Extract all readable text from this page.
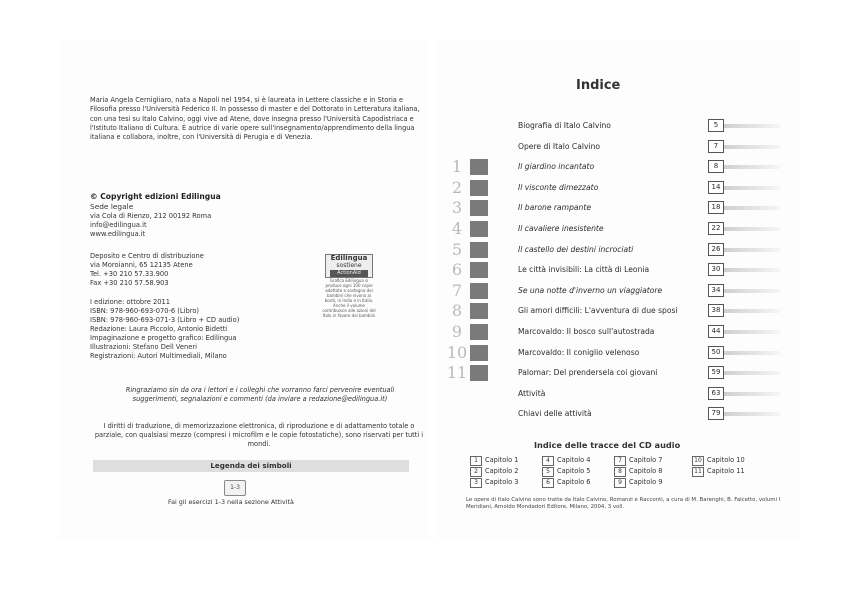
Maria Angela Cernigliaro, nata a Napoli nel 1954, si è laureata in Lettere classiche e in Storia e Filosofia presso l'Università Federico II. In possesso di master e del Dottorato in Letteratura italiana, con una tesi su Italo Calvino, oggi vive ad Atene, dove insegna presso l'Università Capodistriaca e l'Istituto Italiano di Cultura. È autrice di varie opere sull'insegnamento/apprendimento della lingua italiana e collabora, inoltre, con l'Università di Perugia e di Venezia.
© Copyright edizioni Edilingua
Sede legale
via Cola di Rienzo, 212 00192 Roma
info@edilingua.it
www.edilingua.it
Deposito e Centro di distribuzione
via Moroianni, 65 12135 Atene
Tel. +30 210 57.33.900
Fax +30 210 57.58.903
Edilingua
sostiene
ActionAid
Grafica Edilingua si produce ogni 100 copie adottate a sostegno dei bambini che vivono ai bordi, in India e in Italia. Anche il volume contribuisce alle azioni del Italo in favore dei bambini
I edizione: ottobre 2011
ISBN: 978-960-693-070-6 (Libro)
ISBN: 978-960-693-071-3 (Libro + CD audio)
Redazione: Laura Piccolo, Antonio Bidetti
Impaginazione e progetto grafico: Edilingua
Illustrazioni: Stefano Dell Veneri
Registrazioni: Autori Multimediali, Milano
Ringraziamo sin da ora i lettori e i colleghi che vorranno farci pervenire eventuali suggerimenti, segnalazioni e commenti (da inviare a redazione@edilingua.it)
I diritti di traduzione, di memorizzazione elettronica, di riproduzione e di adattamento totale o parziale, con qualsiasi mezzo (compresi i microfilm e le copie fotostatiche), sono riservati per tutti i mondi.
Legenda dei simboli
1-3
Fai gli esercizi 1-3 nella sezione Attività
Indice
Biografia di Italo Calvino	5
Opere di Italo Calvino	7
1	Il giardino incantato	8
2	Il visconte dimezzato	14
3	Il barone rampante	18
4	Il cavaliere inesistente	22
5	Il castello dei destini incrociati	26
6	Le città invisibili: La città di Leonia	30
7	Se una notte d'inverno un viaggiatore	34
8	Gli amori difficili: L'avventura di due sposi	38
9	Marcovaldo: Il bosco sull'autostrada	44
10	Marcovaldo: Il coniglio velenoso	50
11	Palomar: Del prendersela coi giovani	59
Attività	63
Chiavi delle attività	79
Indice delle tracce del CD audio
1 Capitolo 1
2 Capitolo 2
3 Capitolo 3
4 Capitolo 4
5 Capitolo 5
6 Capitolo 6
7 Capitolo 7
8 Capitolo 8
9 Capitolo 9
10 Capitolo 10
11 Capitolo 11
Le opere di Italo Calvino sono tratte da Italo Calvino, Romanzi e Racconti, a cura di M. Barenghi, B. Falcetto, volumi I Meridiani, Arnoldo Mondadori Editore, Milano, 2004, 3 voll.
